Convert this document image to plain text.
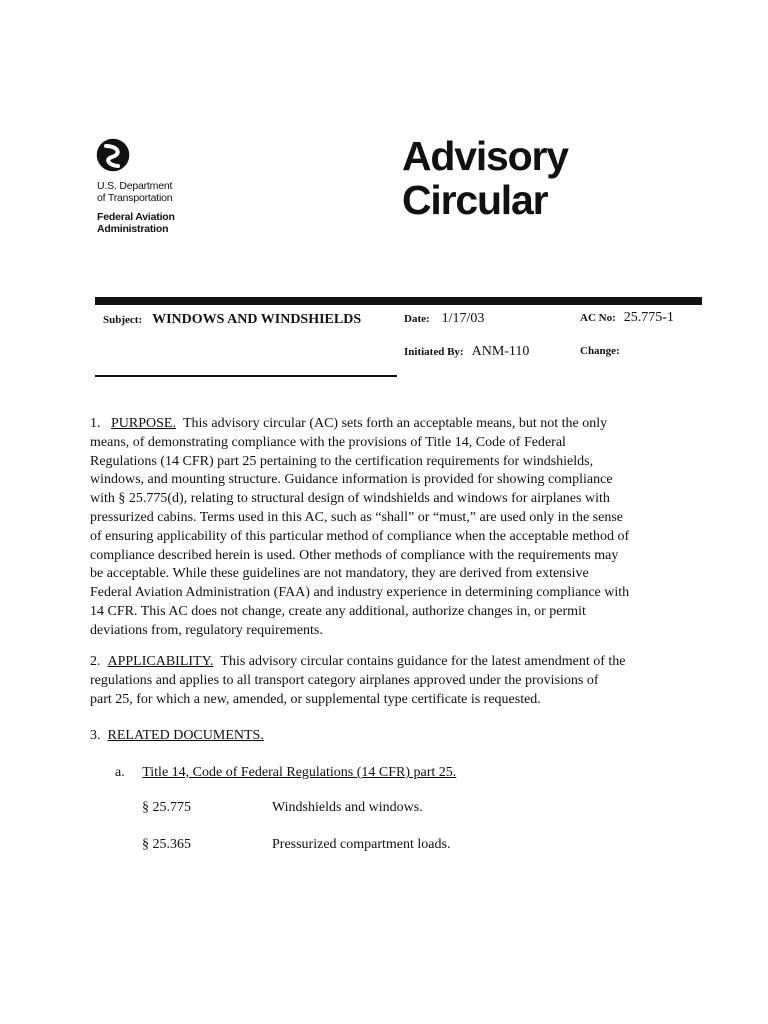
U.S. Department
of Transportation
Federal Aviation
Administration
Advisory
Circular
Subject: WINDOWS AND WINDSHIELDS	Date: 1/17/03	AC No: 25.775-1
Initiated By: ANM-110	Change:
1. PURPOSE. This advisory circular (AC) sets forth an acceptable means, but not the only
means, of demonstrating compliance with the provisions of Title 14, Code of Federal
Regulations (14 CFR) part 25 pertaining to the certification requirements for windshields,
windows, and mounting structure. Guidance information is provided for showing compliance
with § 25.775(d), relating to structural design of windshields and windows for airplanes with
pressurized cabins. Terms used in this AC, such as “shall” or “must,” are used only in the sense
of ensuring applicability of this particular method of compliance when the acceptable method of
compliance described herein is used. Other methods of compliance with the requirements may
be acceptable. While these guidelines are not mandatory, they are derived from extensive
Federal Aviation Administration (FAA) and industry experience in determining compliance with
14 CFR. This AC does not change, create any additional, authorize changes in, or permit
deviations from, regulatory requirements.
2. APPLICABILITY. This advisory circular contains guidance for the latest amendment of the
regulations and applies to all transport category airplanes approved under the provisions of
part 25, for which a new, amended, or supplemental type certificate is requested.
3. RELATED DOCUMENTS.
a. Title 14, Code of Federal Regulations (14 CFR) part 25.
§ 25.775	Windshields and windows.
§ 25.365	Pressurized compartment loads.
